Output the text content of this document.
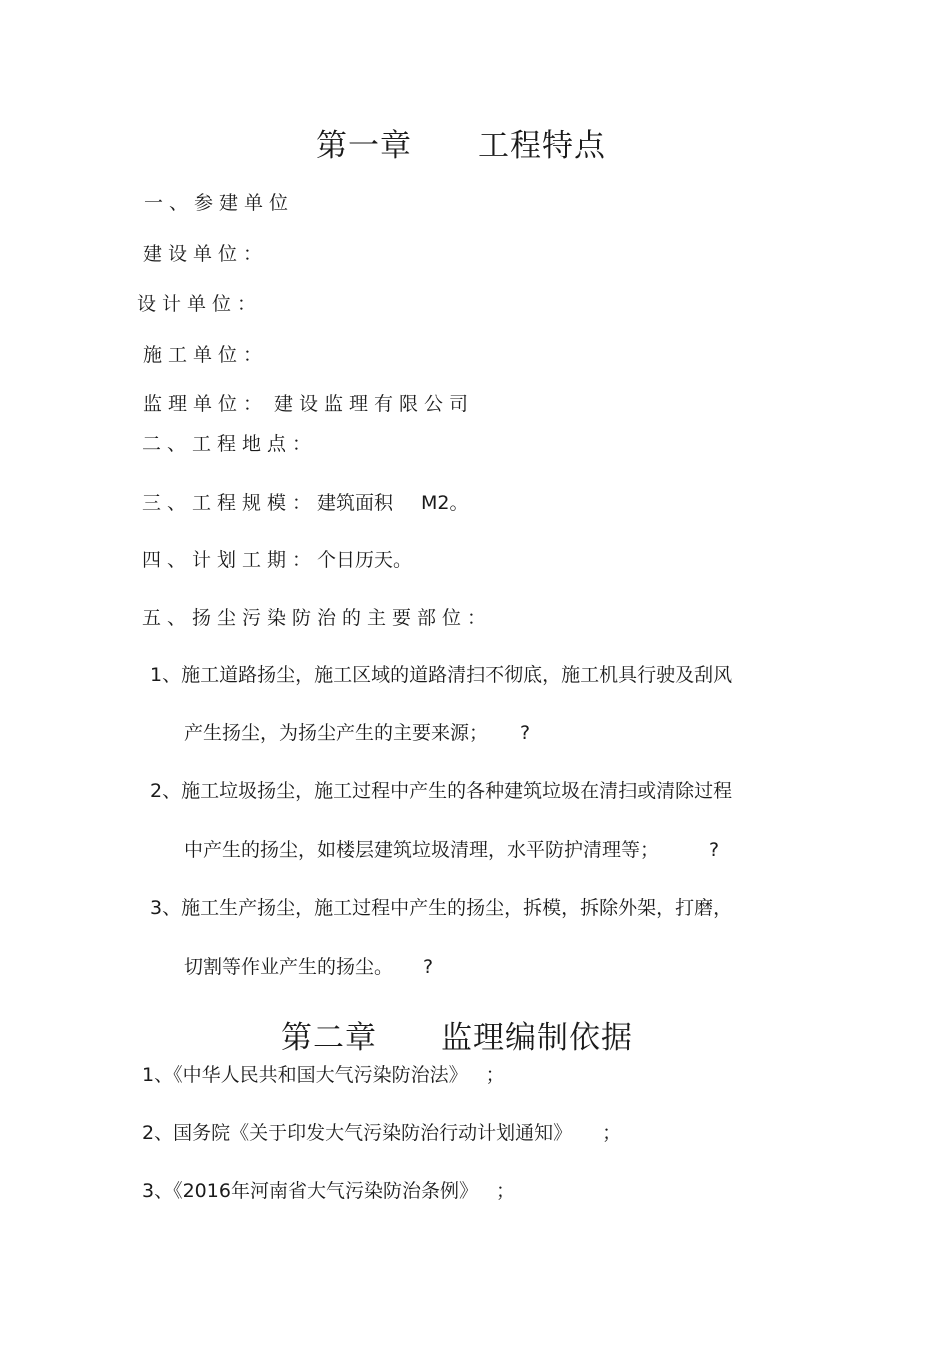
第一章 工程特点
一、参建单位
建设单位：
设计单位：
施工单位：
监理单位： 建设监理有限公司
二、工程地点：
三、工程规模：建筑面积 M2。
四、计划工期：个日历天。
五、扬尘污染防治的主要部位：
1、施工道路扬尘，施工区域的道路清扫不彻底，施工机具行驶及刮风
产生扬尘，为扬尘产生的主要来源； ?
2、施工垃圾扬尘，施工过程中产生的各种建筑垃圾在清扫或清除过程
中产生的扬尘，如楼层建筑垃圾清理，水平防护清理等；	?
3、施工生产扬尘，施工过程中产生的扬尘，拆模，拆除外架，打磨，
切割等作业产生的扬尘。 ?
第二章 监理编制依据
1、《中华人民共和国大气污染防治法》 ；
2、国务院《关于印发大气污染防治行动计划通知》 ；
3、《2016年河南省大气污染防治条例》 ；
